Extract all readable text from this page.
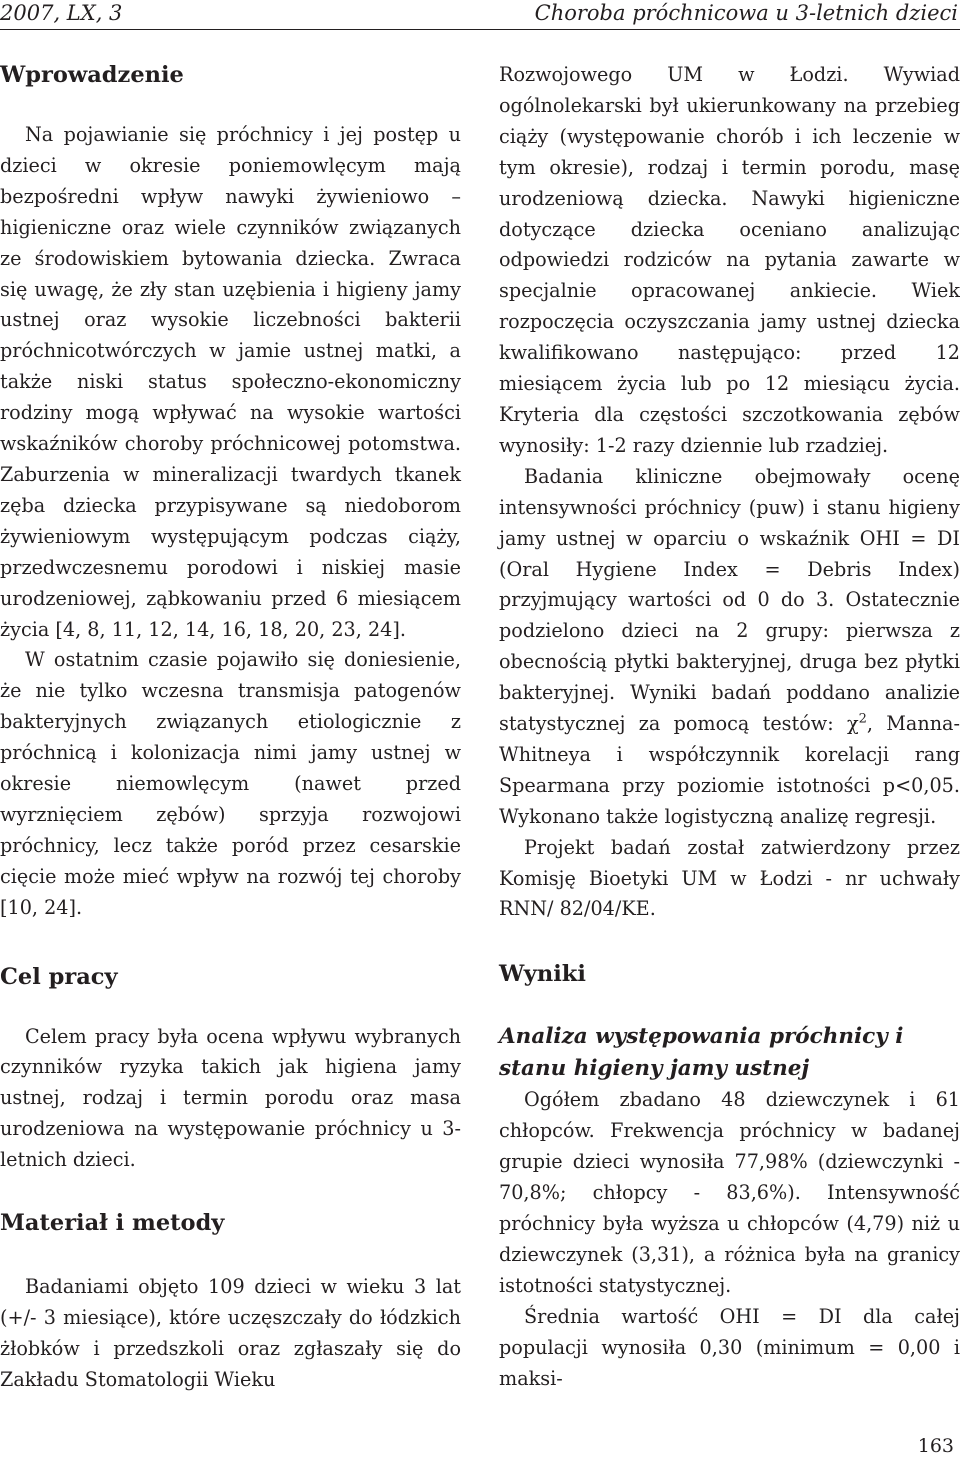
2007, LX, 3	Choroba próchnicowa u 3-letnich dzieci
Wprowadzenie

Na pojawianie się próchnicy i jej postęp u dzieci w okresie poniemowlęcym mają bezpośredni wpływ nawyki żywieniowo – higieniczne oraz wiele czynników związanych ze środowiskiem bytowania dziecka. Zwraca się uwagę, że zły stan uzębienia i higieny jamy ustnej oraz wysokie liczebności bakterii próchnicotwórczych w jamie ustnej matki, a także niski status społeczno-ekonomiczny rodziny mogą wpływać na wysokie wartości wskaźników choroby próchnicowej potomstwa. Zaburzenia w mineralizacji twardych tkanek zęba dziecka przypisywane są niedoborom żywieniowym występującym podczas ciąży, przedwczesnemu porodowi i niskiej masie urodzeniowej, ząbkowaniu przed 6 miesiącem życia [4, 8, 11, 12, 14, 16, 18, 20, 23, 24].

W ostatnim czasie pojawiło się doniesienie, że nie tylko wczesna transmisja patogenów bakteryjnych związanych etiologicznie z próchnicą i kolonizacja nimi jamy ustnej w okresie niemowlęcym (nawet przed wyrznięciem zębów) sprzyja rozwojowi próchnicy, lecz także poród przez cesarskie cięcie może mieć wpływ na rozwój tej choroby [10, 24].

Cel pracy

Celem pracy była ocena wpływu wybranych czynników ryzyka takich jak higiena jamy ustnej, rodzaj i termin porodu oraz masa urodzeniowa na występowanie próchnicy u 3-letnich dzieci.

Materiał i metody

Badaniami objęto 109 dzieci w wieku 3 lat (+/- 3 miesiące), które uczęszczały do łódzkich żłobków i przedszkoli oraz zgłaszały się do Zakładu Stomatologii Wieku

Rozwojowego UM w Łodzi. Wywiad ogólnolekarski był ukierunkowany na przebieg ciąży (występowanie chorób i ich leczenie w tym okresie), rodzaj i termin porodu, masę urodzeniową dziecka. Nawyki higieniczne dotyczące dziecka oceniano analizując odpowiedzi rodziców na pytania zawarte w specjalnie opracowanej ankiecie. Wiek rozpoczęcia oczyszczania jamy ustnej dziecka kwalifikowano następująco: przed 12 miesiącem życia lub po 12 miesiącu życia. Kryteria dla częstości szczotkowania zębów wynosiły: 1-2 razy dziennie lub rzadziej.

Badania kliniczne obejmowały ocenę intensywności próchnicy (puw) i stanu higieny jamy ustnej w oparciu o wskaźnik OHI = DI (Oral Hygiene Index = Debris Index) przyjmujący wartości od 0 do 3. Ostatecznie podzielono dzieci na 2 grupy: pierwsza z obecnością płytki bakteryjnej, druga bez płytki bakteryjnej. Wyniki badań poddano analizie statystycznej za pomocą testów: $\chi^2$, Manna-Whitneya i współczynnik korelacji rang Spearmana przy poziomie istotności p<0,05. Wykonano także logistyczną analizę regresji.

Projekt badań został zatwierdzony przez Komisję Bioetyki UM w Łodzi - nr uchwały RNN/ 82/04/KE.

Wyniki
Analiza występowania próchnicy i stanu higieny jamy ustnej

Ogółem zbadano 48 dziewczynek i 61 chłopców. Frekwencja próchnicy w badanej grupie dzieci wynosiła 77,98% (dziewczynki - 70,8%; chłopcy - 83,6%). Intensywność próchnicy była wyższa u chłopców (4,79) niż u dziewczynek (3,31), a różnica była na granicy istotności statystycznej.

Średnia wartość OHI = DI dla całej populacji wynosiła 0,30 (minimum = 0,00 i maksi-

163
